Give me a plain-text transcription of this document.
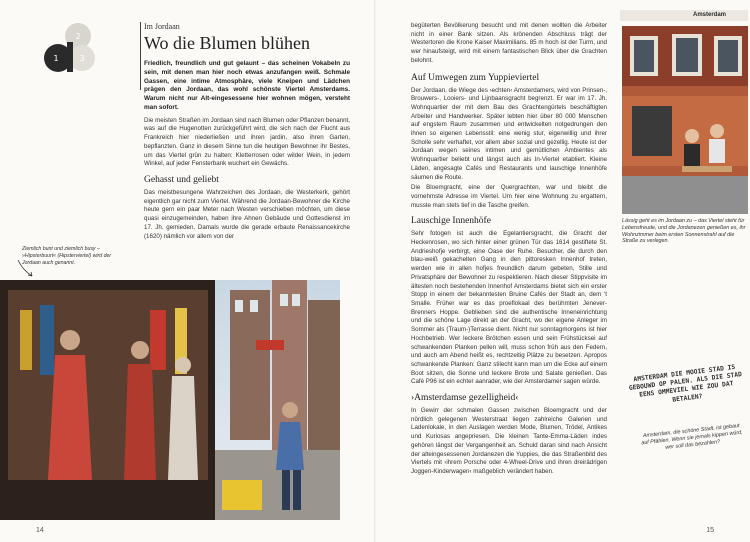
2
1	3

Im Jordaan

Wo die Blumen blühen

Friedlich, freundlich und gut gelaunt – das scheinen Vokabeln zu sein, mit denen man hier noch etwas anzufangen weiß. Schmale Gassen, eine intime Atmosphäre, viele Kneipen und Lädchen prägen den Jordaan, das wohl schönste Viertel Amsterdams. Warum nicht nur Alt-eingesessene hier wohnen mögen, versteht man sofort.

Die meisten Straßen im Jordaan sind nach Blumen oder Pflanzen benannt, was auf die Hugenotten zurückgeführt wird, die sich nach der Flucht aus Frankreich hier niederließen und ihren jardin, also ihren Garten, bepflanzten. Ganz in diesem Sinne tun die heutigen Bewohner ihr Bestes, um das Viertel grün zu halten: Kletterrosen oder wilder Wein, in jedem Winkel, auf jeder Fensterbank wuchert ein Gewächs.

Gehasst und geliebt

Das meistbesungene Wahrzeichen des Jordaan, die Westerkerk, gehört eigentlich gar nicht zum Viertel. Während die Jordaan-Bewohner die Kirche heute gern ein paar Meter nach Westen verschieben möchten, um diese quasi einzugemeinden, haben ihre Ahnen Gebäude und Gottesdienst im 17. Jh. gemieden. Damals wurde die gerade erbaute Renaissancekirche (1620) nämlich vor allem von der

Ziemlich bunt und ziemlich busy – »Hipsterbuurt« (Hipsterviertel) wird der Jordaan auch genannt.
14

begüterten Bevölkerung besucht und mit denen wollten die Arbeiter nicht in einer Bank sitzen. Als krönenden Abschluss trägt der Westertoren die Krone Kaiser Maximilians. 85 m hoch ist der Turm, und wer hinaufsteigt, wird mit einem fantastischen Blick über die Grachten belohnt.

Auf Umwegen zum Yuppieviertel

Der Jordaan, die Wiege des ›echten‹ Amsterdamers, wird von Prinsen-, Brouwers-, Looiers- und Lijnbaansgracht begrenzt. Er war im 17. Jh. Wohnquartier der mit dem Bau des Grachtengürtels beschäftigten Arbeiter und Handwerker. Später lebten hier über 80 000 Menschen auf engstem Raum zusammen und entwickelten notgedrungen den ihnen so eigenen Lebensstil: eine wenig stur, eigenwillig und ihrer Scholle sehr verhaftet, vor allem aber sozial und gezellig. Heute ist der Jordaan wegen seines intimen und gemütlichen Ambientes als Wohnquartier beliebt und längst auch als In-Viertel etabliert. Kleine Läden, angesagte Cafés und Restaurants und lauschige Innenhöfe säumen die Route.

Die Bloemgracht, eine der Quergrachten, war und bleibt die vornehmste Adresse im Viertel. Um hier eine Wohnung zu ergattern, musste man stets tief in die Tasche greifen.

Lauschige Innenhöfe

Sehr fotogen ist auch die Egelantiersgracht, die Gracht der Heckenrosen, wo sich hinter einer grünen Tür das 1614 gestiftete St. Andrieshofje verbirgt, eine Oase der Ruhe. Besucher, die durch den blau-weiß gekachelten Gang in den pittoresken Innenhof treten, werden wie in allen hofjes freundlich darum gebeten, Stille und Privatsphäre der Bewohner zu respektieren. Nach dieser Stippvisite im ältesten noch bestehenden Innenhof Amsterdams bietet sich ein erster Stopp in einem der bekanntesten Bruine Cafés der Stadt an, dem 't Smalle. Früher war es das proeflokaal des berühmten Jenever-Brenners Hoppe. Geblieben sind die authentische Inneneinrichtung und die schöne Lage direkt an der Gracht, wo der eigene Anleger im Sommer als (Traum-)Terrasse dient. Nicht nur sonntagmorgens ist hier Hochbetrieb. Wer leckere Brötchen essen und sein Frühstücksei auf schwankenden Planken pellen will, muss schon früh aus den Federn, und auch am Abend heißt es, rechtzeitig Plätze zu besetzen. Apropos schwankende Planken: Ganz stilecht kann man um die Ecke auf einem Boot sitzen, die Sonne und leckere Brote und Salate genießen. Das Café P96 ist ein echter aanrader, wie der Amsterdamer sagen würde.

›Amsterdamse gezelligheid‹

In Gewirr der schmalen Gassen zwischen Bloemgracht und der nördlich gelegenen Westerstraat liegen zahlreiche Galerien und Ladenlokale, in den Auslagen werden Mode, Blumen, Trödel, Antikes und Kuriosas angepriesen. Die kleinen Tante-Emma-Läden indes gehören längst der Vergangenheit an. Schuld daran sind nach Ansicht der alteingesessenen Jordanezen die Yuppies, die das Straßenbild des Viertels mit ›ihrem Porsche oder 4-Wheel-Drive und ihren dreirädrigen Joggen-Kinderwagen‹ maßgeblich verändert haben.

Amsterdam
Lässig geht es im Jordaan zu – das Viertel steht für Lebensfreude, und die Jordanezen genießen es, ihr Wohnzimmer beim ersten Sonnenstrahl auf die Straße zu verlegen.
AMSTERDAM DIE MOOIE STAD IS GEBOUWD OP PALEN. ALS DIE STAD EENS OMMEVIEL WIE ZOU DAT BETALEN?
Amsterdam, die schöne Stadt, ist gebaut auf Pfählen. Wenn sie jemals kippen würd, wer soll das bezahlen?
15
